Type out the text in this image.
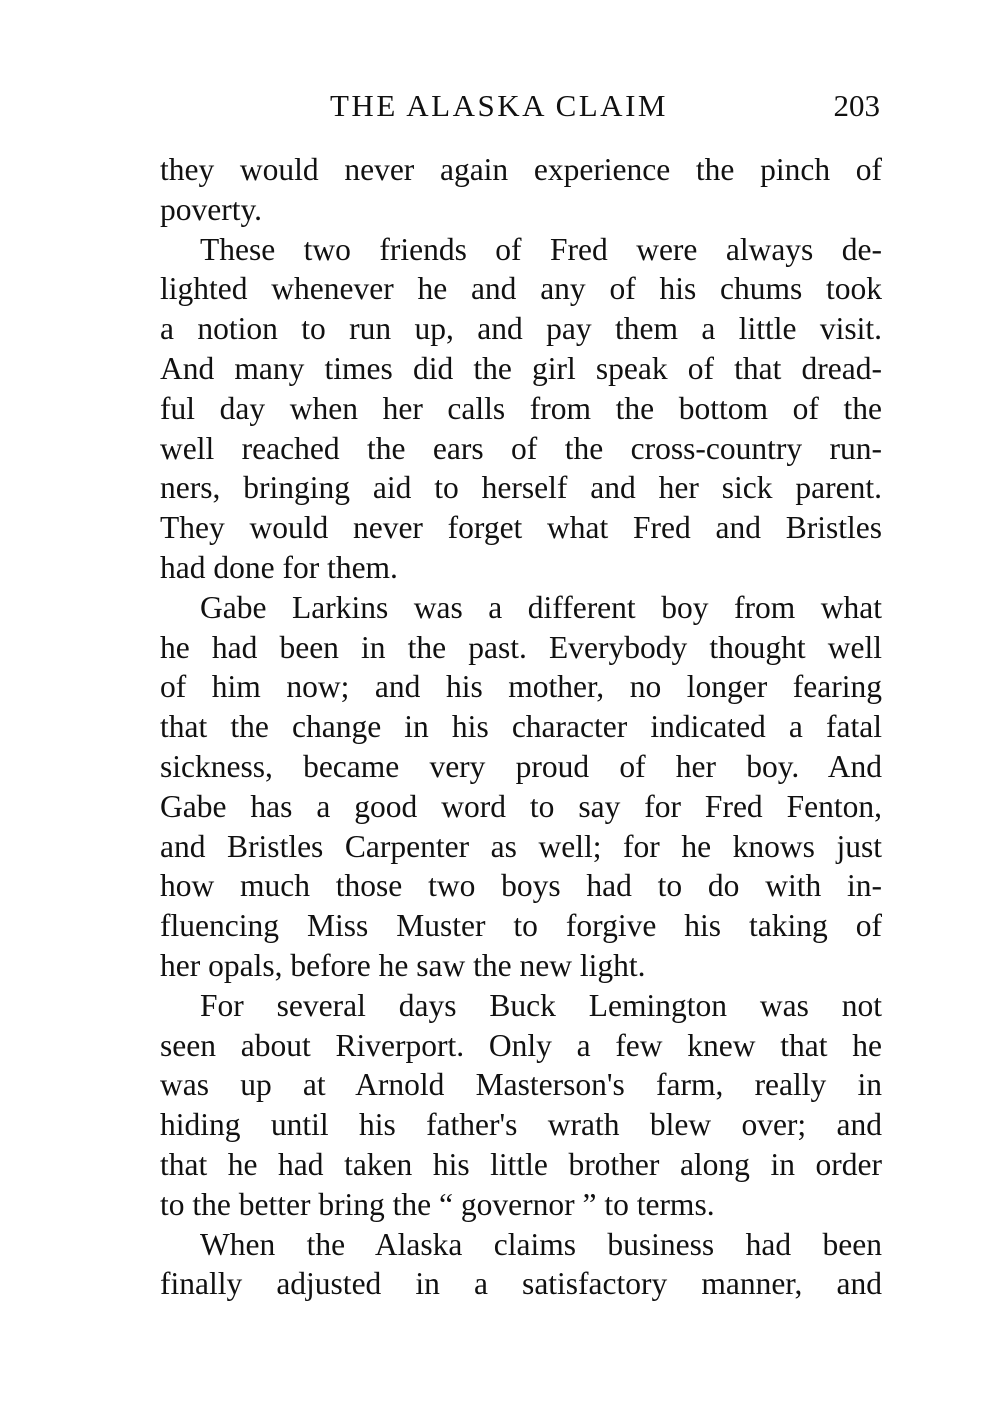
THE ALASKA CLAIM	203
they would never again experience the pinch of
poverty.
These two friends of Fred were always de-
lighted whenever he and any of his chums took
a notion to run up, and pay them a little visit.
And many times did the girl speak of that dread-
ful day when her calls from the bottom of the
well reached the ears of the cross-country run-
ners, bringing aid to herself and her sick parent.
They would never forget what Fred and Bristles
had done for them.
Gabe Larkins was a different boy from what
he had been in the past. Everybody thought well
of him now; and his mother, no longer fearing
that the change in his character indicated a fatal
sickness, became very proud of her boy. And
Gabe has a good word to say for Fred Fenton,
and Bristles Carpenter as well; for he knows just
how much those two boys had to do with in-
fluencing Miss Muster to forgive his taking of
her opals, before he saw the new light.
For several days Buck Lemington was not
seen about Riverport. Only a few knew that he
was up at Arnold Masterson's farm, really in
hiding until his father's wrath blew over; and
that he had taken his little brother along in order
to the better bring the “ governor ” to terms.
When the Alaska claims business had been
finally adjusted in a satisfactory manner, and
